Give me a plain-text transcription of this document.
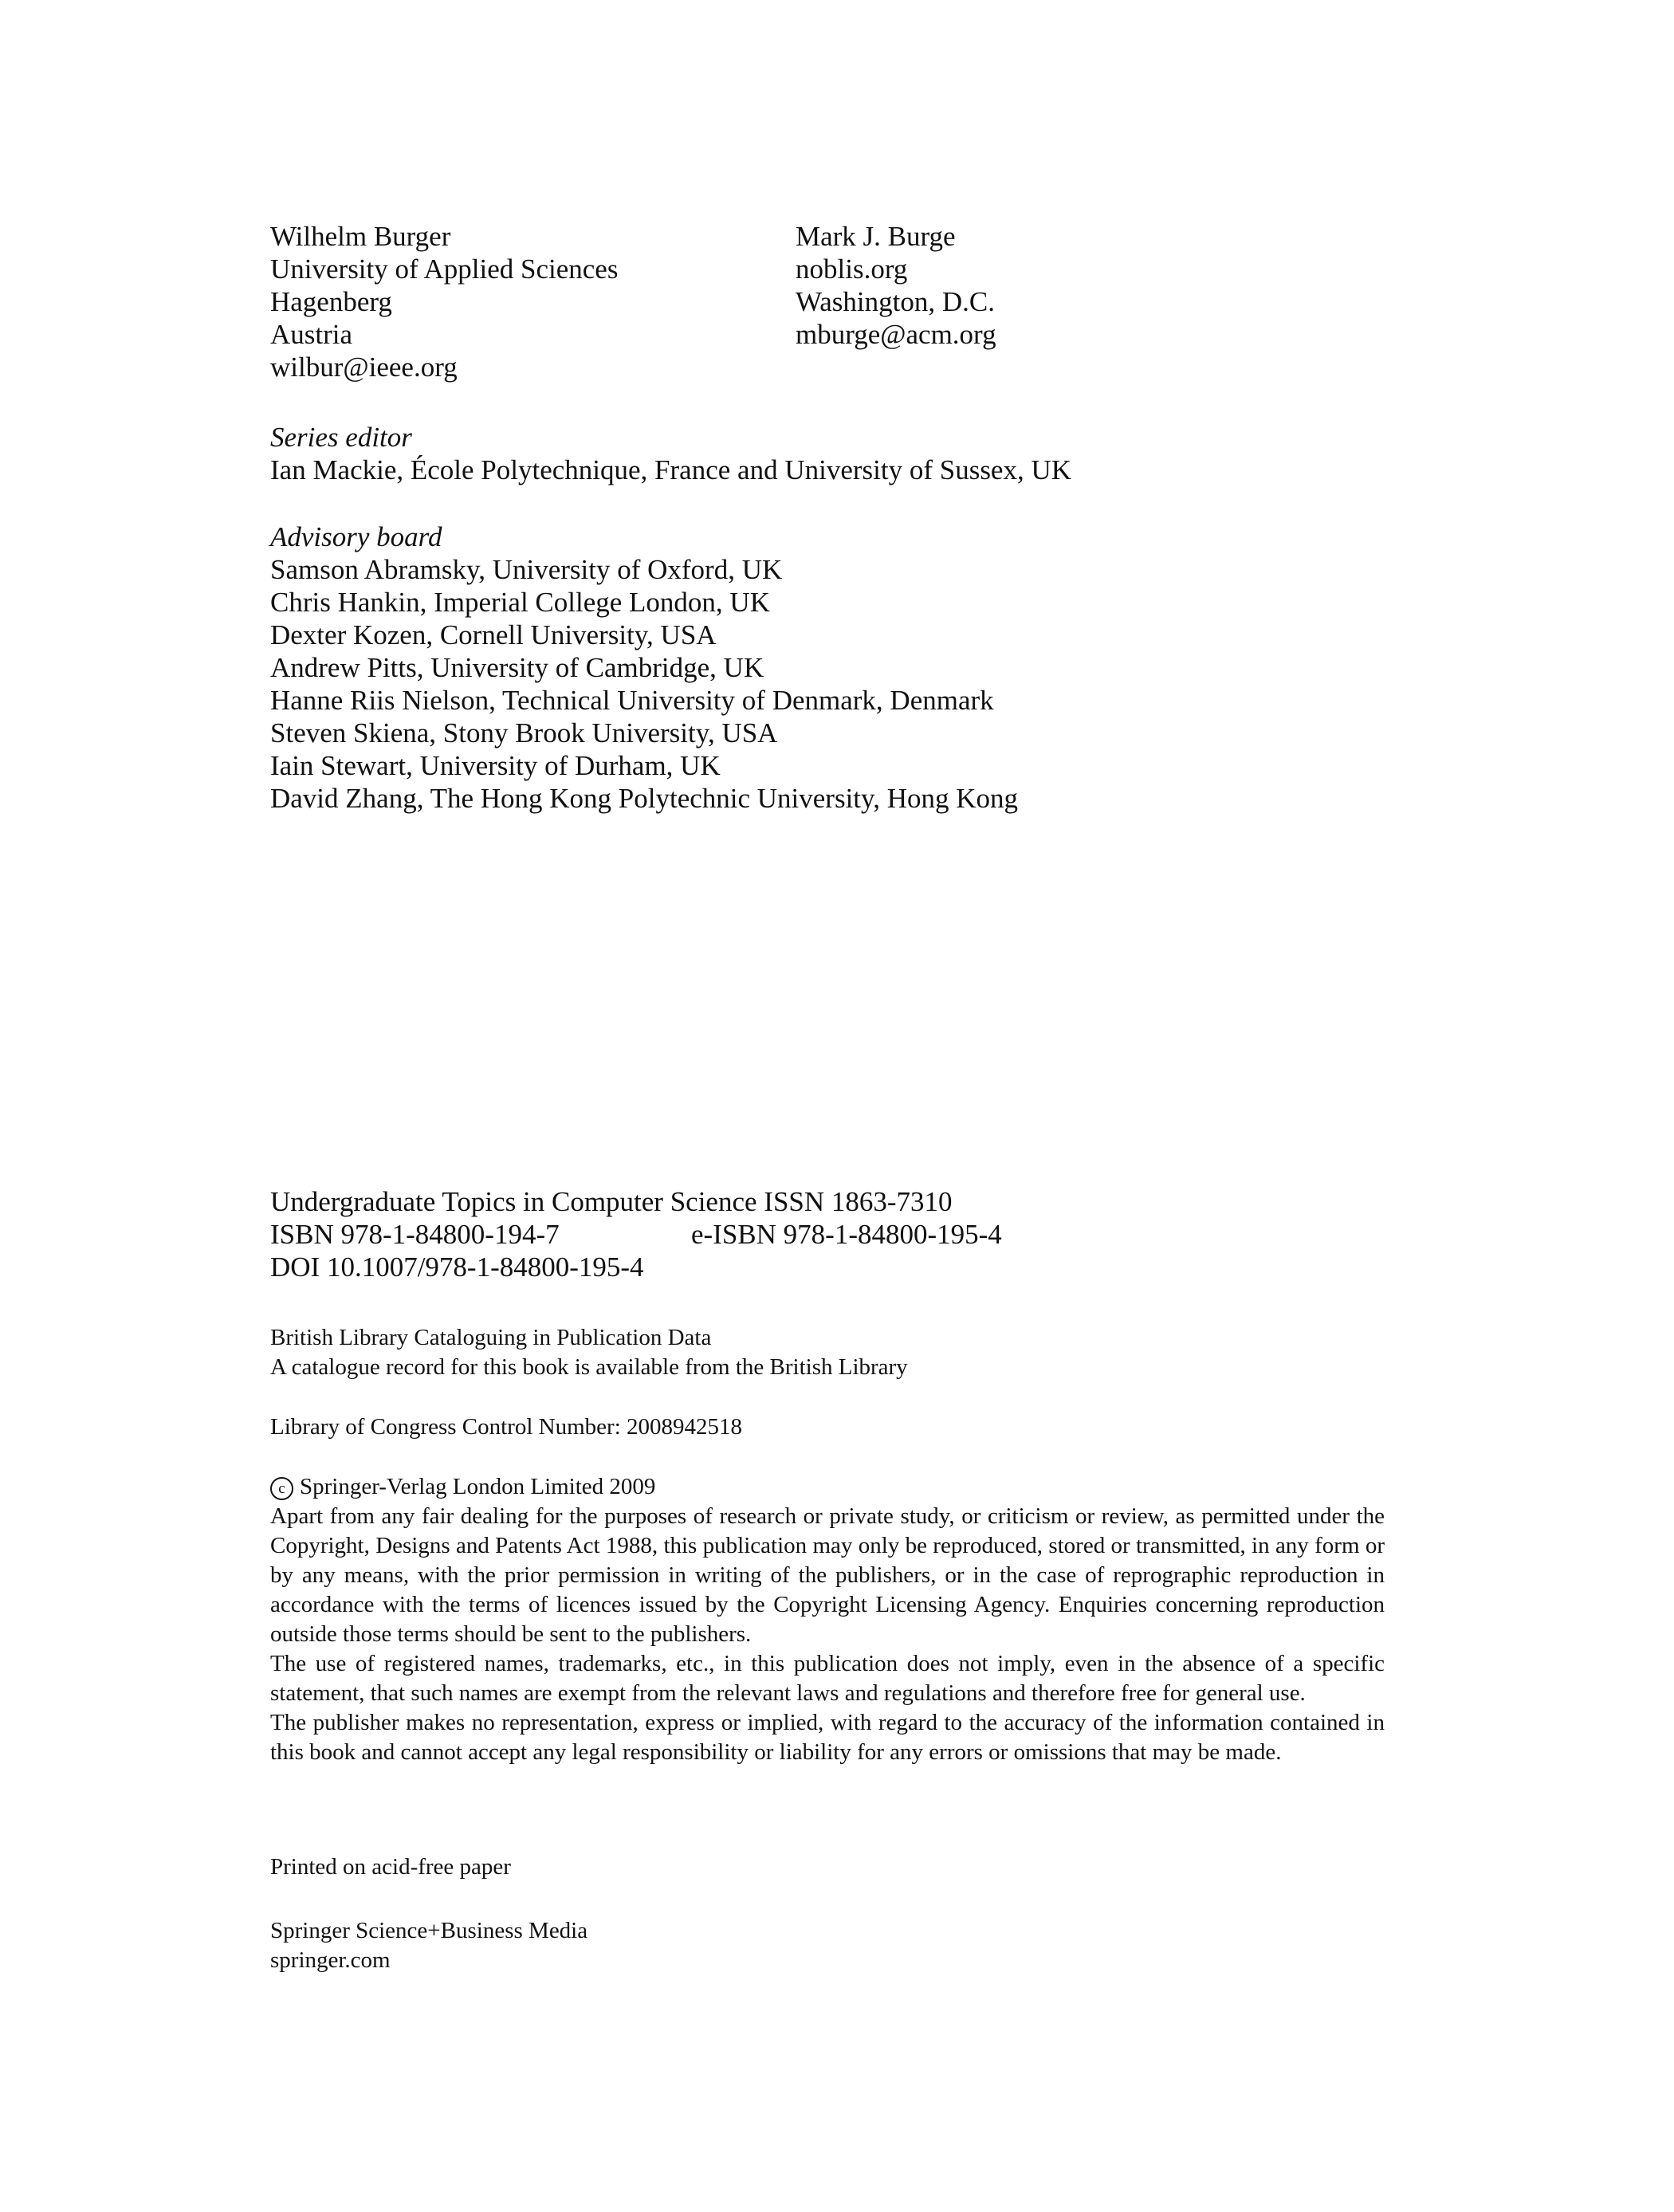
Wilhelm Burger
University of Applied Sciences
Hagenberg
Austria
wilbur@ieee.org
Mark J. Burge
noblis.org
Washington, D.C.
mburge@acm.org
Series editor
Ian Mackie, École Polytechnique, France and University of Sussex, UK
Advisory board
Samson Abramsky, University of Oxford, UK
Chris Hankin, Imperial College London, UK
Dexter Kozen, Cornell University, USA
Andrew Pitts, University of Cambridge, UK
Hanne Riis Nielson, Technical University of Denmark, Denmark
Steven Skiena, Stony Brook University, USA
Iain Stewart, University of Durham, UK
David Zhang, The Hong Kong Polytechnic University, Hong Kong
Undergraduate Topics in Computer Science ISSN 1863-7310
ISBN 978-1-84800-194-7	e-ISBN 978-1-84800-195-4
DOI 10.1007/978-1-84800-195-4
British Library Cataloguing in Publication Data
A catalogue record for this book is available from the British Library
Library of Congress Control Number: 2008942518
c Springer-Verlag London Limited 2009

Apart from any fair dealing for the purposes of research or private study, or criticism or review, as permitted under the Copyright, Designs and Patents Act 1988, this publication may only be reproduced, stored or transmitted, in any form or by any means, with the prior permission in writing of the publishers, or in the case of reprographic reproduction in accordance with the terms of licences issued by the Copyright Licensing Agency. Enquiries concerning reproduction outside those terms should be sent to the publishers.

The use of registered names, trademarks, etc., in this publication does not imply, even in the absence of a specific statement, that such names are exempt from the relevant laws and regulations and therefore free for general use.

The publisher makes no representation, express or implied, with regard to the accuracy of the information contained in this book and cannot accept any legal responsibility or liability for any errors or omissions that may be made.

Printed on acid-free paper
Springer Science+Business Media
springer.com
